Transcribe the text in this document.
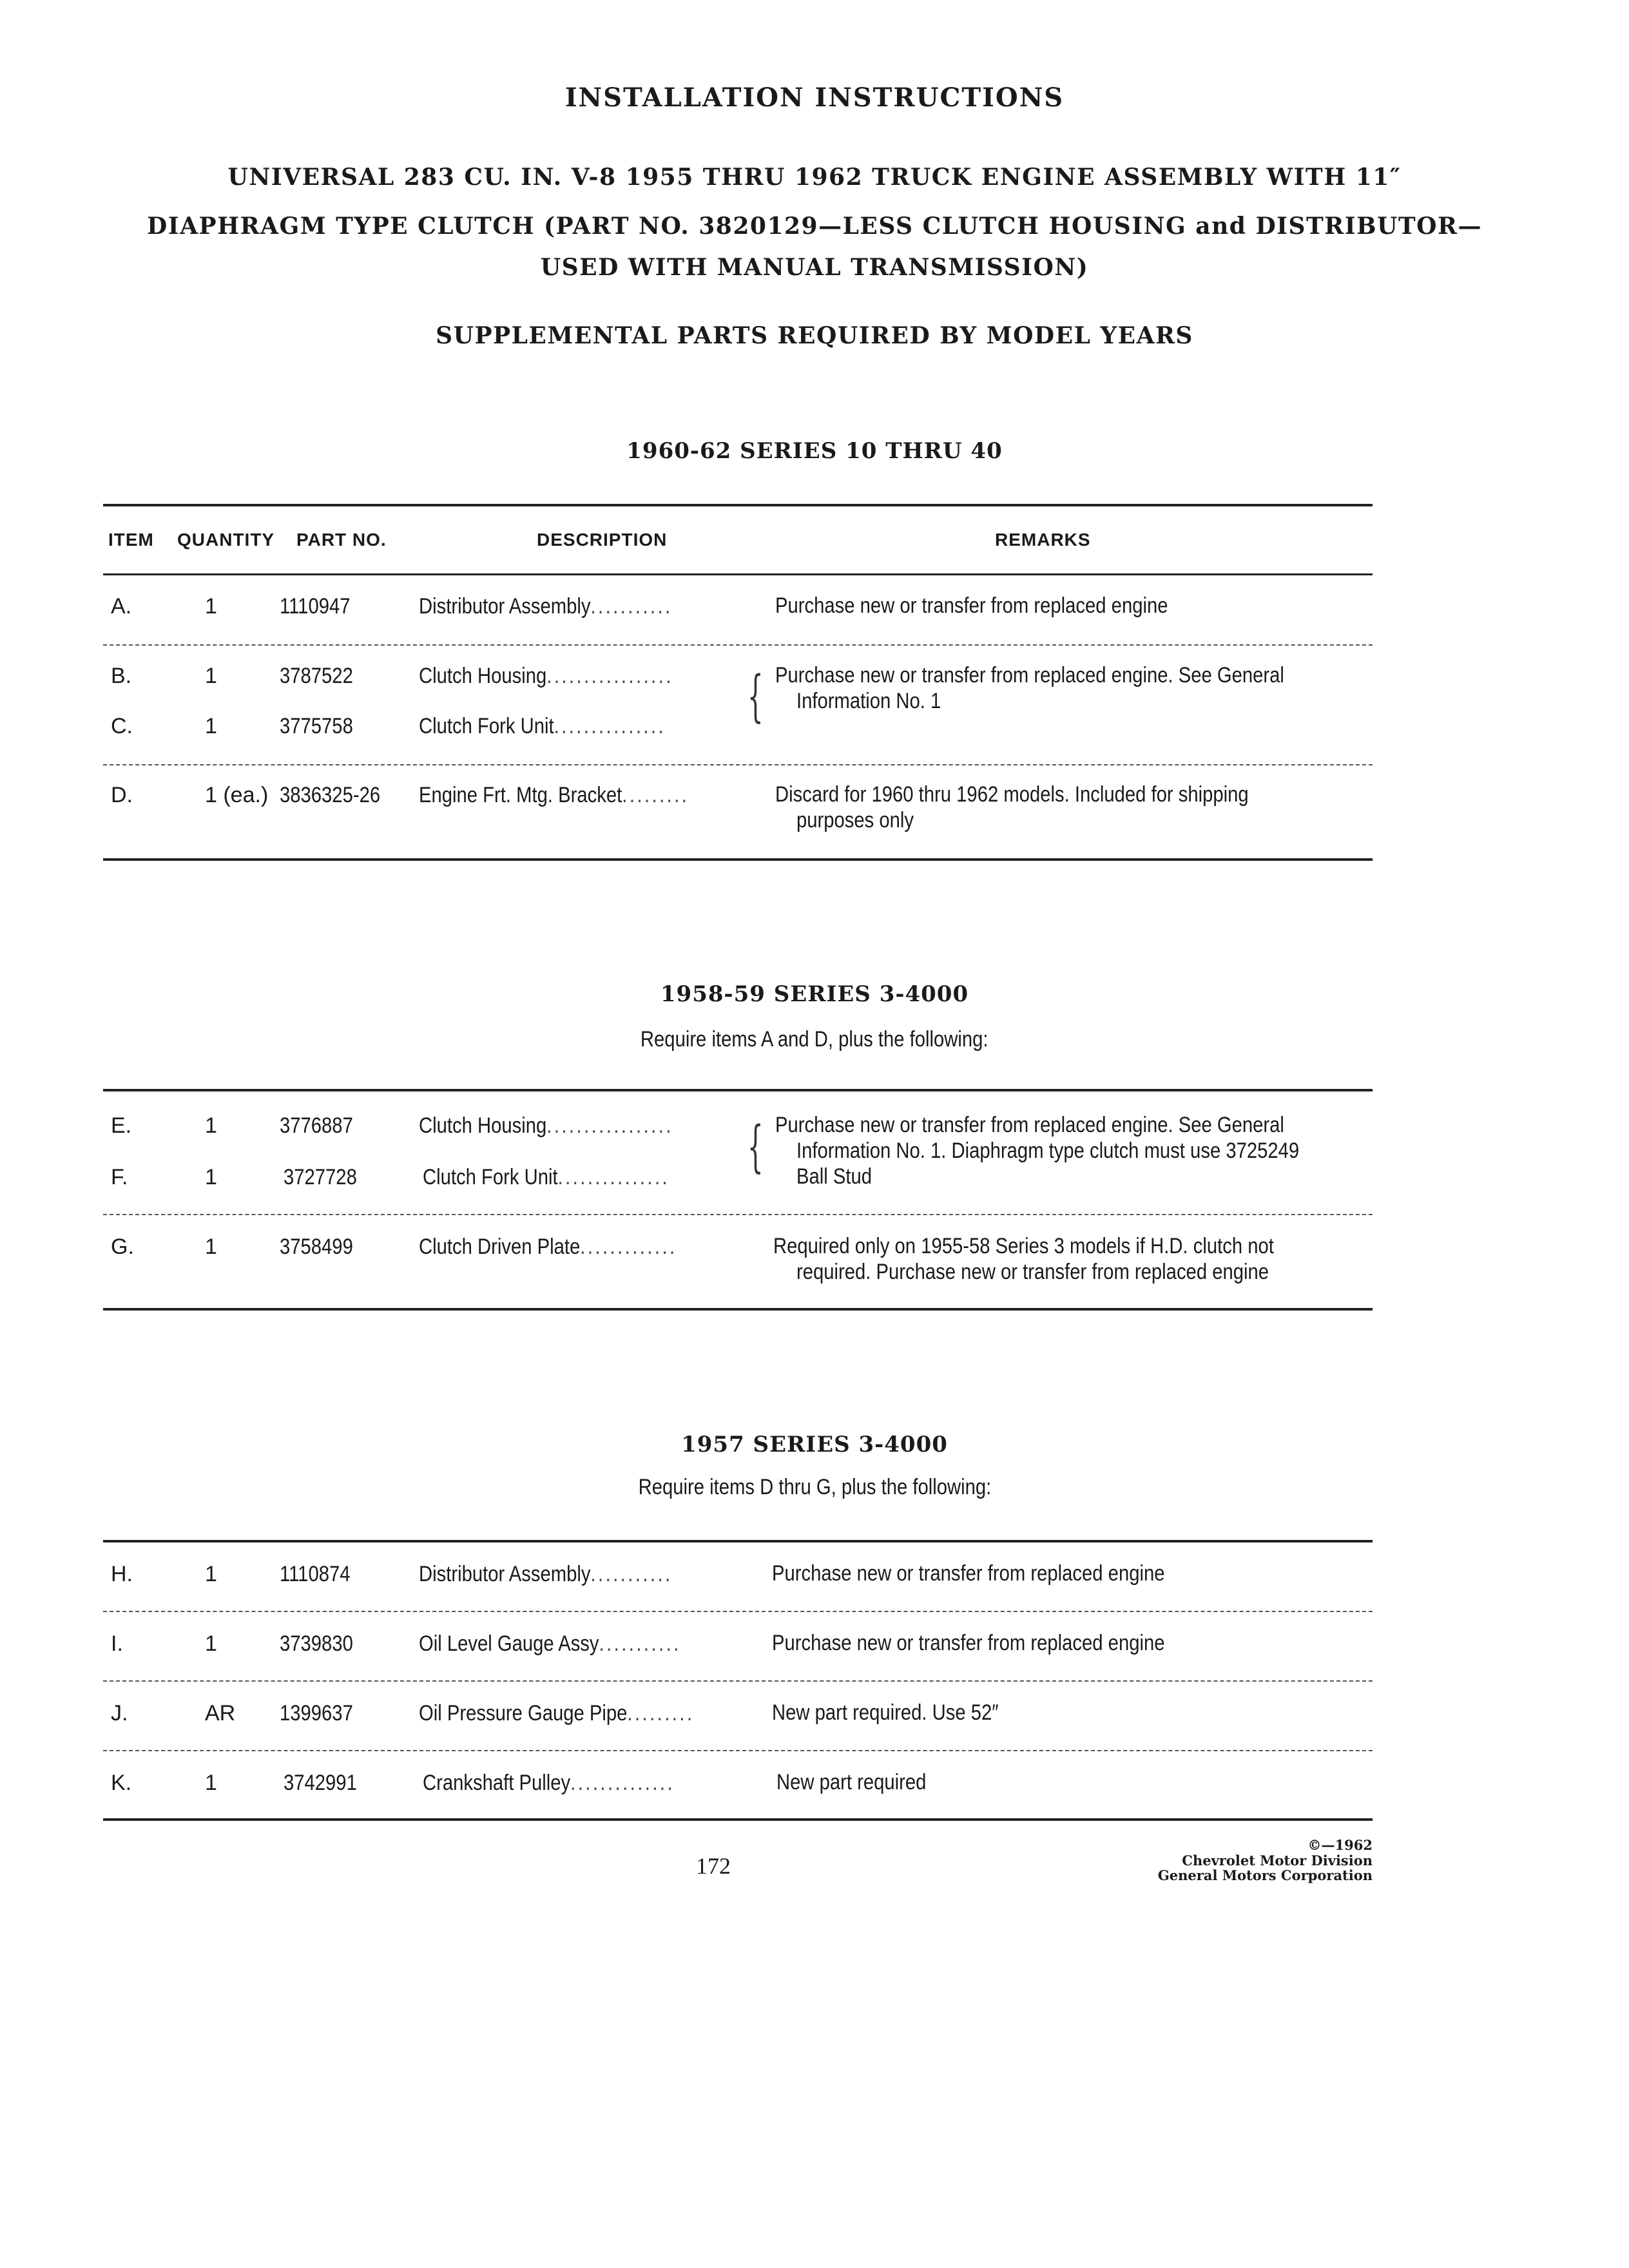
INSTALLATION INSTRUCTIONS
UNIVERSAL 283 CU. IN. V-8 1955 THRU 1962 TRUCK ENGINE ASSEMBLY WITH 11″
DIAPHRAGM TYPE CLUTCH (PART NO. 3820129—LESS CLUTCH HOUSING and DISTRIBUTOR—
USED WITH MANUAL TRANSMISSION)
SUPPLEMENTAL PARTS REQUIRED BY MODEL YEARS
1960-62 SERIES 10 THRU 40
ITEM QUANTITY PART NO.	DESCRIPTION	REMARKS
A.	1	1110947	Distributor Assembly...........	Purchase new or transfer from replaced engine
B.	1	3787522	Clutch Housing.................
C.	1	3775758	Clutch Fork Unit...............	{ Purchase new or transfer from replaced engine. See General
Information No. 1
D.	1 (ea.) 3836325-26	Engine Frt. Mtg. Bracket.........	Discard for 1960 thru 1962 models. Included for shipping
purposes only
1958-59 SERIES 3-4000
Require items A and D, plus the following:
E.	1	3776887	Clutch Housing.................
F.	1	3727728	Clutch Fork Unit...............	{ Purchase new or transfer from replaced engine. See General
Information No. 1. Diaphragm type clutch must use 3725249
Ball Stud
G.	1	3758499	Clutch Driven Plate.............	Required only on 1955-58 Series 3 models if H.D. clutch not
required. Purchase new or transfer from replaced engine
1957 SERIES 3-4000
Require items D thru G, plus the following:
H.	1	1110874	Distributor Assembly...........	Purchase new or transfer from replaced engine
I.	1	3739830	Oil Level Gauge Assy...........	Purchase new or transfer from replaced engine
J.	AR 1399637	Oil Pressure Gauge Pipe.........	New part required. Use 52″
K.	1	3742991	Crankshaft Pulley..............	New part required
172
©—1962
Chevrolet Motor Division
General Motors Corporation
